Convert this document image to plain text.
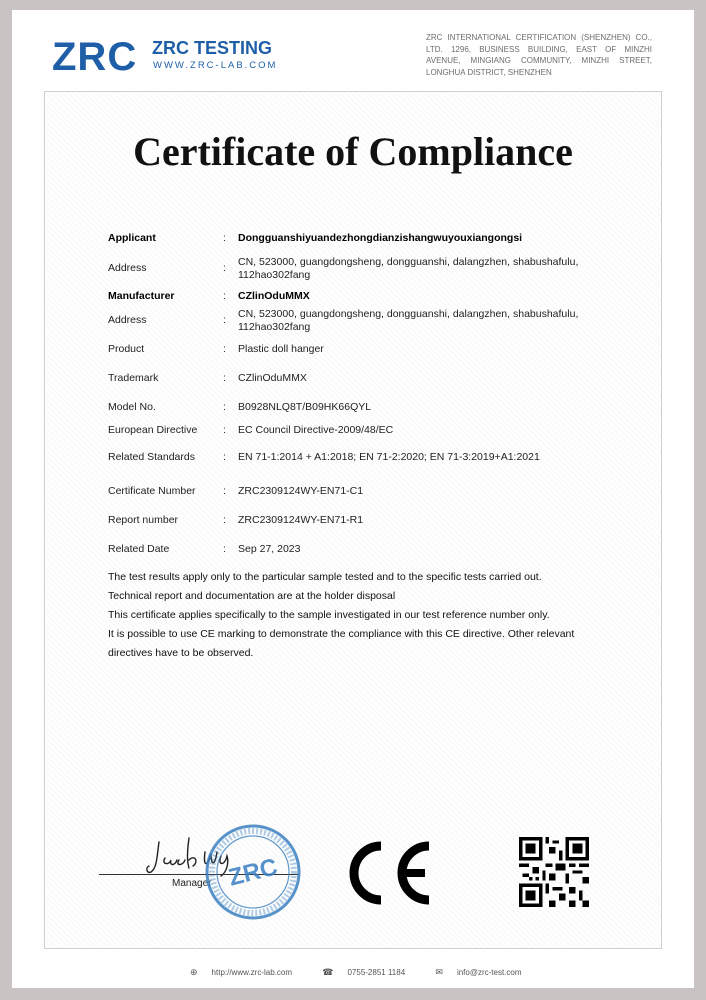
ZRC ZRC TESTING
WWW.ZRC-LAB.COM
ZRC INTERNATIONAL CERTIFICATION (SHENZHEN) CO., LTD. 1296, BUSINESS BUILDING, EAST OF MINZHI AVENUE, MINGIANG COMMUNITY, MINZHI STREET, LONGHUA DISTRICT, SHENZHEN
Certificate of Compliance
Applicant	: Dongguanshiyuandezhongdianzishangwuyouxiangongsi
Address	: CN, 523000, guangdongsheng, dongguanshi, dalangzhen, shabushafulu, 112hao302fang
Manufacturer	: CZlinOduMMX
Address	: CN, 523000, guangdongsheng, dongguanshi, dalangzhen, shabushafulu, 112hao302fang
Product	: Plastic doll hanger
Trademark	: CZlinOduMMX
Model No.	: B0928NLQ8T/B09HK66QYL
European Directive	: EC Council Directive-2009/48/EC
Related Standards	: EN 71-1:2014 + A1:2018; EN 71-2:2020; EN 71-3:2019+A1:2021
Certificate Number	: ZRC2309124WY-EN71-C1
Report number	: ZRC2309124WY-EN71-R1
Related Date	: Sep 27, 2023

The test results apply only to the particular sample tested and to the specific tests carried out.

Technical report and documentation are at the holder disposal

This certificate applies specifically to the sample investigated in our test reference number only.

It is possible to use CE marking to demonstrate the compliance with this CE directive. Other relevant directives have to be observed.

Manager ZRC
⊕ http://www.zrc-lab.com	☎ 0755-2851 1184	✉ info@zrc-test.com
